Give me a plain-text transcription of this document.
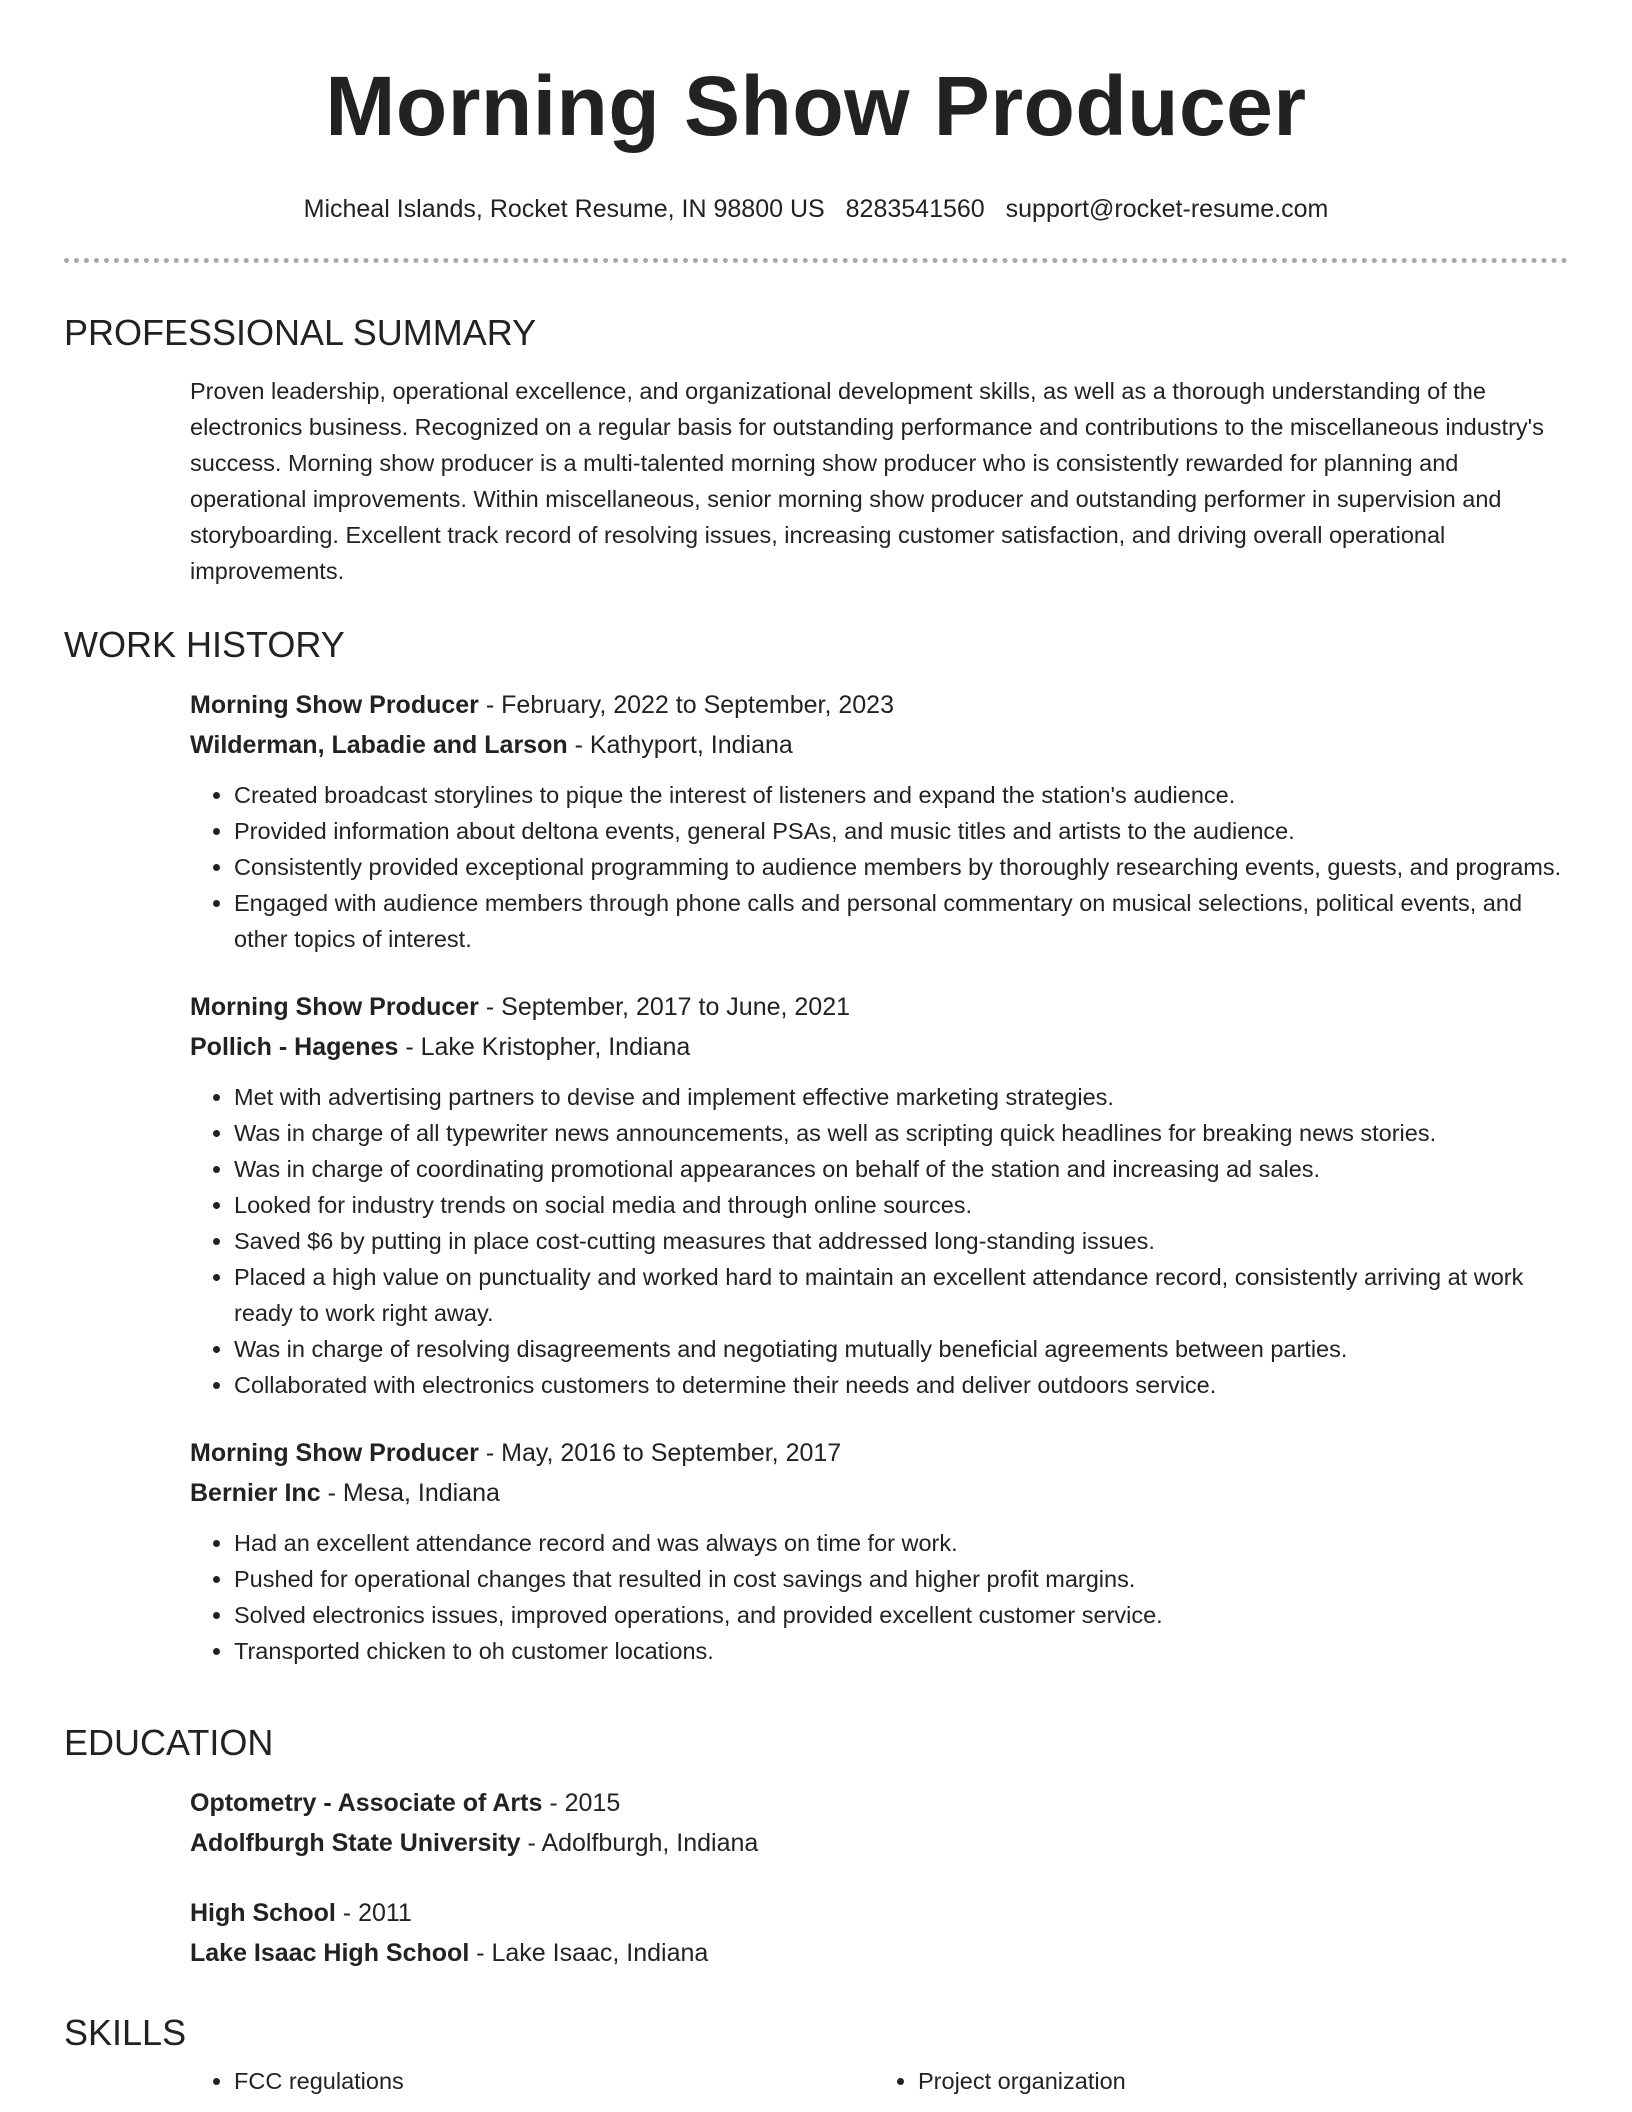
Morning Show Producer
Micheal Islands, Rocket Resume, IN 98800 US 8283541560 support@rocket-resume.com
PROFESSIONAL SUMMARY

Proven leadership, operational excellence, and organizational development skills, as well as a thorough understanding of the electronics business. Recognized on a regular basis for outstanding performance and contributions to the miscellaneous industry's success. Morning show producer is a multi-talented morning show producer who is consistently rewarded for planning and operational improvements. Within miscellaneous, senior morning show producer and outstanding performer in supervision and storyboarding. Excellent track record of resolving issues, increasing customer satisfaction, and driving overall operational improvements.

WORK HISTORY
Morning Show Producer - February, 2022 to September, 2023
Wilderman, Labadie and Larson - Kathyport, Indiana
• Created broadcast storylines to pique the interest of listeners and expand the station's audience.
• Provided information about deltona events, general PSAs, and music titles and artists to the audience.
• Consistently provided exceptional programming to audience members by thoroughly researching events, guests, and programs.
• Engaged with audience members through phone calls and personal commentary on musical selections, political events, and other topics of interest.
Morning Show Producer - September, 2017 to June, 2021
Pollich - Hagenes - Lake Kristopher, Indiana
• Met with advertising partners to devise and implement effective marketing strategies.
• Was in charge of all typewriter news announcements, as well as scripting quick headlines for breaking news stories.
• Was in charge of coordinating promotional appearances on behalf of the station and increasing ad sales.
• Looked for industry trends on social media and through online sources.
• Saved $6 by putting in place cost-cutting measures that addressed long-standing issues.
• Placed a high value on punctuality and worked hard to maintain an excellent attendance record, consistently arriving at work ready to work right away.
• Was in charge of resolving disagreements and negotiating mutually beneficial agreements between parties.
• Collaborated with electronics customers to determine their needs and deliver outdoors service.
Morning Show Producer - May, 2016 to September, 2017
Bernier Inc - Mesa, Indiana
• Had an excellent attendance record and was always on time for work.
• Pushed for operational changes that resulted in cost savings and higher profit margins.
• Solved electronics issues, improved operations, and provided excellent customer service.
• Transported chicken to oh customer locations.
EDUCATION
Optometry - Associate of Arts - 2015
Adolfburgh State University - Adolfburgh, Indiana
High School - 2011
Lake Isaac High School - Lake Isaac, Indiana
SKILLS
• FCC regulations
•	Project organization
